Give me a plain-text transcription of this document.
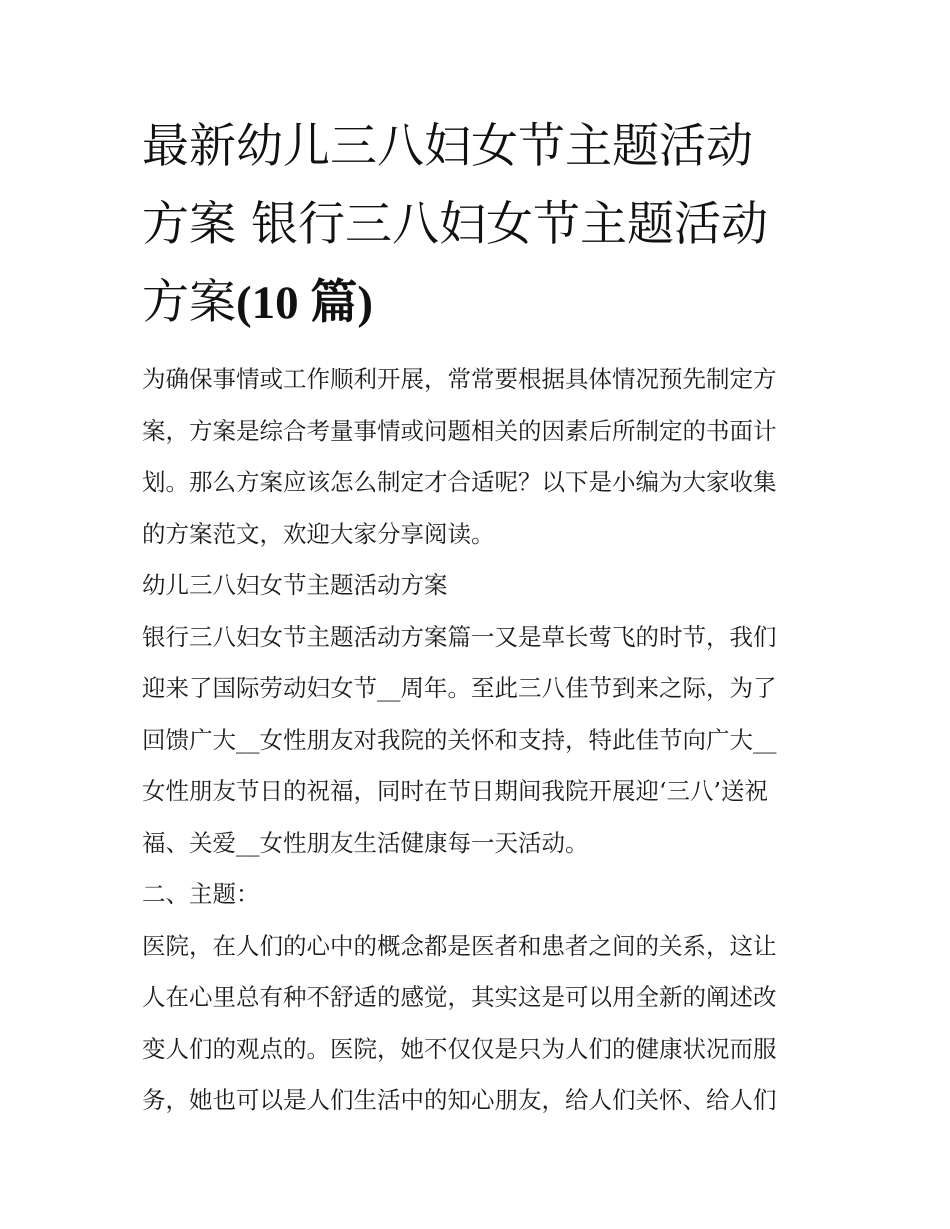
最新幼儿三八妇女节主题活动
方案 银行三八妇女节主题活动
方案(10 篇)

为确保事情或工作顺利开展，常常要根据具体情况预先制定方
案，方案是综合考量事情或问题相关的因素后所制定的书面计
划。那么方案应该怎么制定才合适呢？以下是小编为大家收集
的方案范文，欢迎大家分享阅读。

幼儿三八妇女节主题活动方案

银行三八妇女节主题活动方案篇一又是草长莺飞的时节，我们
迎来了国际劳动妇女节__周年。至此三八佳节到来之际，为了
回馈广大__女性朋友对我院的关怀和支持，特此佳节向广大__
女性朋友节日的祝福，同时在节日期间我院开展迎‘三八’送祝
福、关爱__女性朋友生活健康每一天活动。

二、主题：

医院，在人们的心中的概念都是医者和患者之间的关系，这让
人在心里总有种不舒适的感觉，其实这是可以用全新的阐述改
变人们的观点的。医院，她不仅仅是只为人们的健康状况而服
务，她也可以是人们生活中的知心朋友，给人们关怀、给人们
